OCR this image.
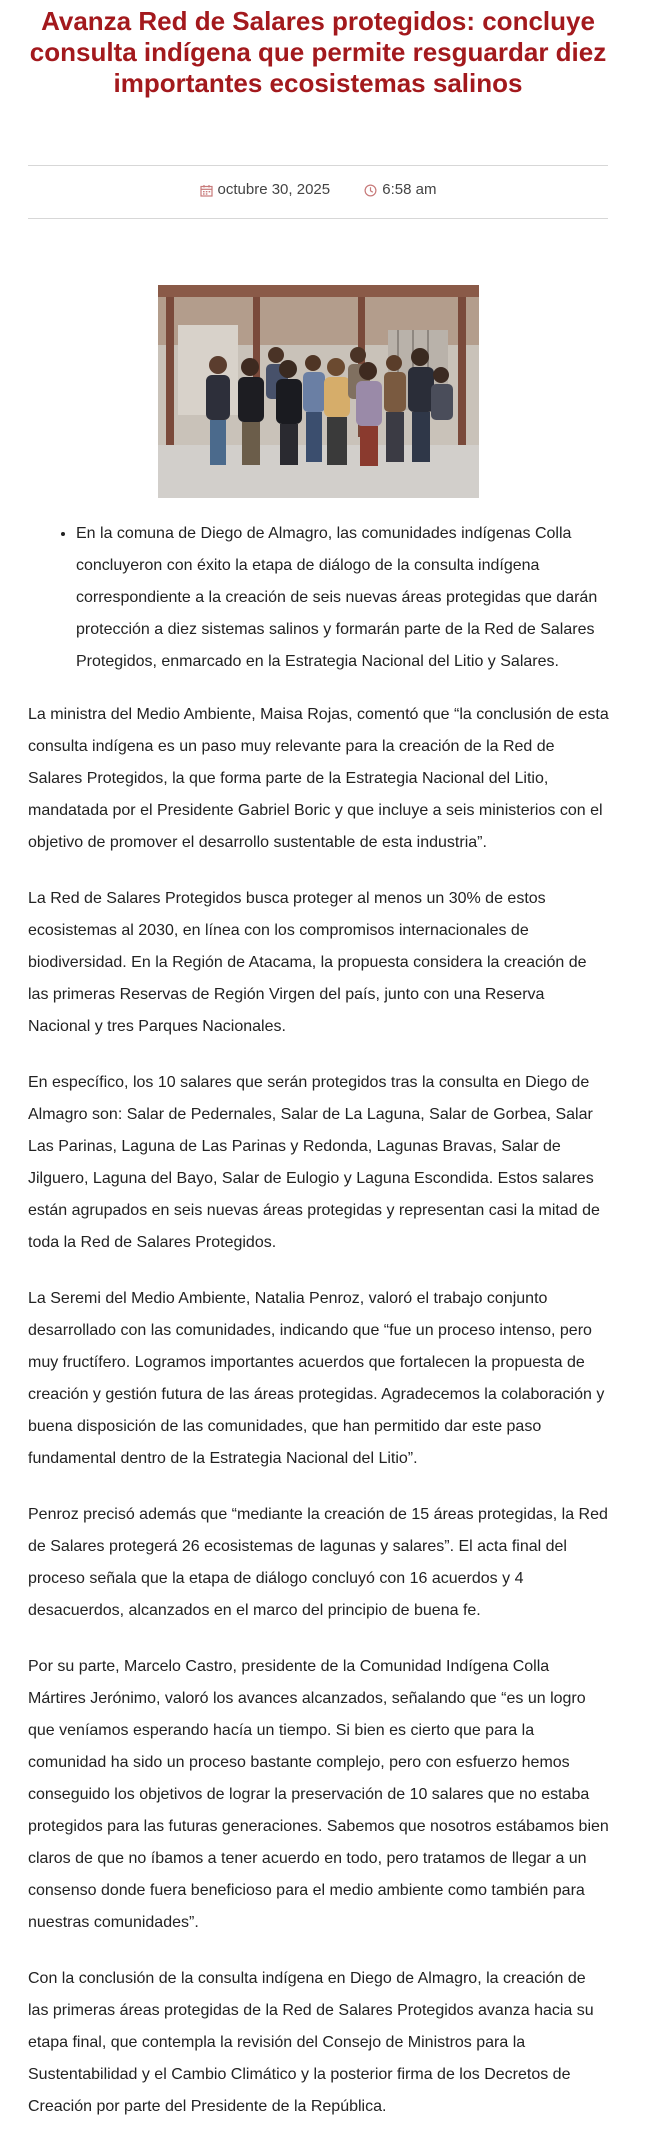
Avanza Red de Salares protegidos: concluye consulta indígena que permite resguardar diez importantes ecosistemas salinos
octubre 30, 2025
	6:58 am
• En la comuna de Diego de Almagro, las comunidades indígenas Colla concluyeron con éxito la etapa de diálogo de la consulta indígena correspondiente a la creación de seis nuevas áreas protegidas que darán protección a diez sistemas salinos y formarán parte de la Red de Salares Protegidos, enmarcado en la Estrategia Nacional del Litio y Salares.

La ministra del Medio Ambiente, Maisa Rojas, comentó que “la conclusión de esta consulta indígena es un paso muy relevante para la creación de la Red de Salares Protegidos, la que forma parte de la Estrategia Nacional del Litio, mandatada por el Presidente Gabriel Boric y que incluye a seis ministerios con el objetivo de promover el desarrollo sustentable de esta industria”.

La Red de Salares Protegidos busca proteger al menos un 30% de estos ecosistemas al 2030, en línea con los compromisos internacionales de biodiversidad. En la Región de Atacama, la propuesta considera la creación de las primeras Reservas de Región Virgen del país, junto con una Reserva Nacional y tres Parques Nacionales.

En específico, los 10 salares que serán protegidos tras la consulta en Diego de Almagro son: Salar de Pedernales, Salar de La Laguna, Salar de Gorbea, Salar Las Parinas, Laguna de Las Parinas y Redonda, Lagunas Bravas, Salar de Jilguero, Laguna del Bayo, Salar de Eulogio y Laguna Escondida. Estos salares están agrupados en seis nuevas áreas protegidas y representan casi la mitad de toda la Red de Salares Protegidos.

La Seremi del Medio Ambiente, Natalia Penroz, valoró el trabajo conjunto desarrollado con las comunidades, indicando que “fue un proceso intenso, pero muy fructífero. Logramos importantes acuerdos que fortalecen la propuesta de creación y gestión futura de las áreas protegidas. Agradecemos la colaboración y buena disposición de las comunidades, que han permitido dar este paso fundamental dentro de la Estrategia Nacional del Litio”.

Penroz precisó además que “mediante la creación de 15 áreas protegidas, la Red de Salares protegerá 26 ecosistemas de lagunas y salares”. El acta final del proceso señala que la etapa de diálogo concluyó con 16 acuerdos y 4 desacuerdos, alcanzados en el marco del principio de buena fe.

Por su parte, Marcelo Castro, presidente de la Comunidad Indígena Colla Mártires Jerónimo, valoró los avances alcanzados, señalando que “es un logro que veníamos esperando hacía un tiempo. Si bien es cierto que para la comunidad ha sido un proceso bastante complejo, pero con esfuerzo hemos conseguido los objetivos de lograr la preservación de 10 salares que no estaba protegidos para las futuras generaciones. Sabemos que nosotros estábamos bien claros de que no íbamos a tener acuerdo en todo, pero tratamos de llegar a un consenso donde fuera beneficioso para el medio ambiente como también para nuestras comunidades”.

Con la conclusión de la consulta indígena en Diego de Almagro, la creación de las primeras áreas protegidas de la Red de Salares Protegidos avanza hacia su etapa final, que contempla la revisión del Consejo de Ministros para la Sustentabilidad y el Cambio Climático y la posterior firma de los Decretos de Creación por parte del Presidente de la República.
